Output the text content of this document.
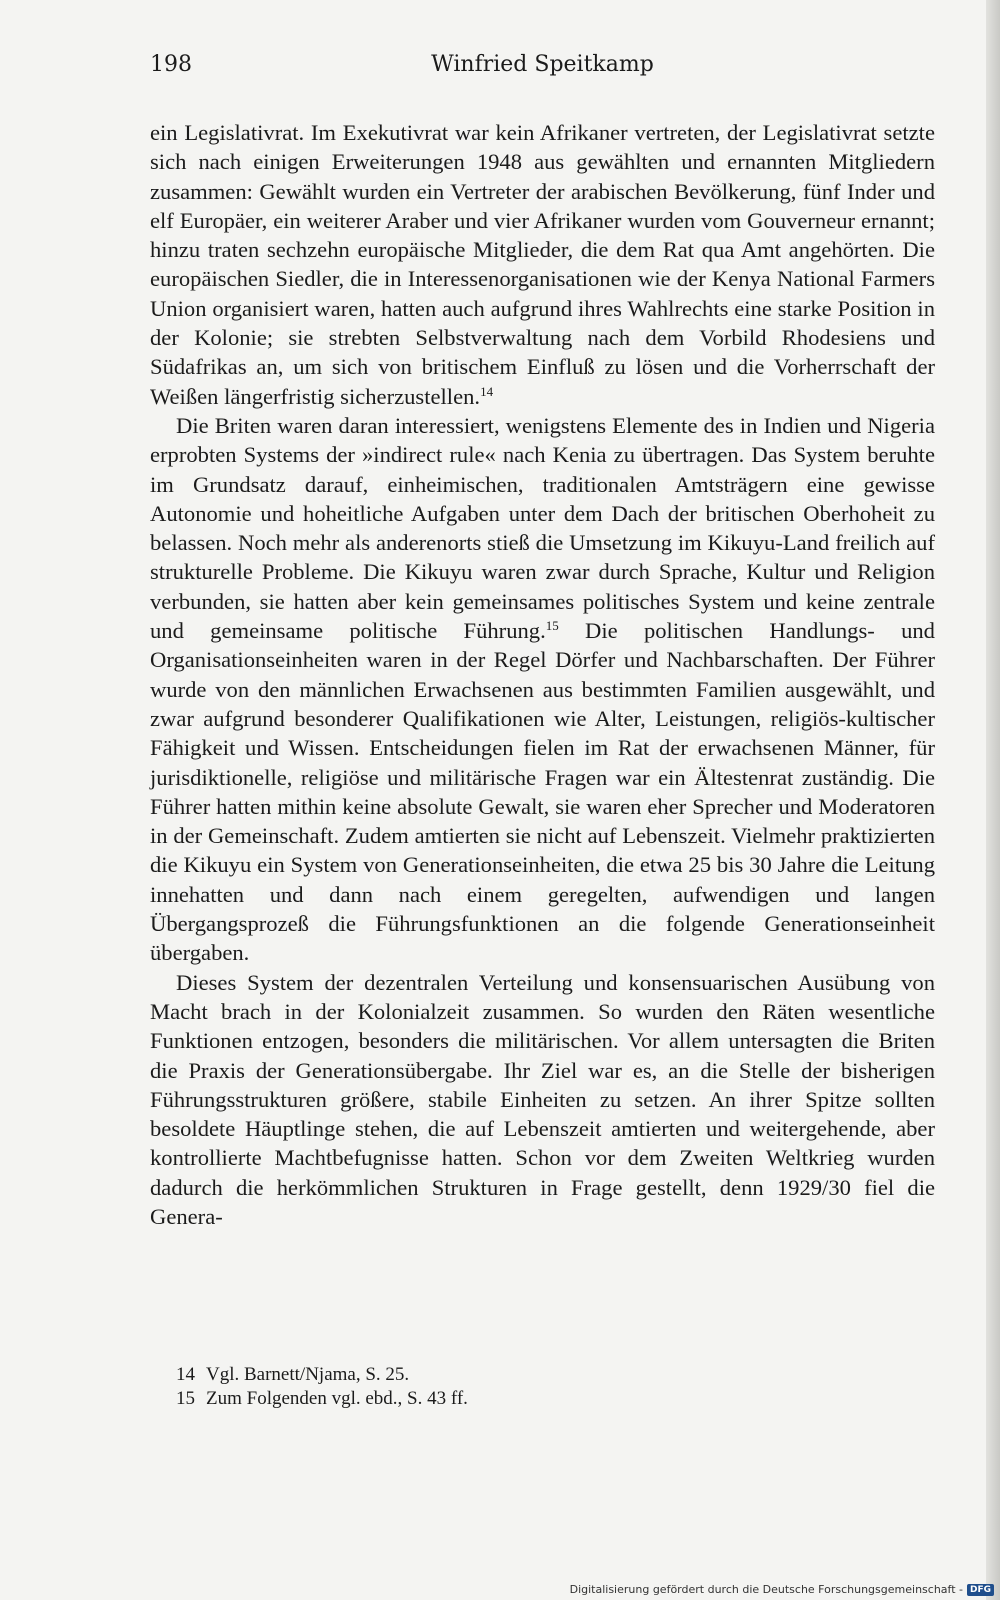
198	Winfried Speitkamp

ein Legislativrat. Im Exekutivrat war kein Afrikaner vertreten, der Legislativrat setzte sich nach einigen Erweiterungen 1948 aus gewählten und ernannten Mitgliedern zusammen: Gewählt wurden ein Vertreter der arabischen Bevölkerung, fünf Inder und elf Europäer, ein weiterer Araber und vier Afrikaner wurden vom Gouverneur ernannt; hinzu traten sechzehn europäische Mitglieder, die dem Rat qua Amt angehörten. Die europäischen Siedler, die in Interessenorganisationen wie der Kenya National Farmers Union organisiert waren, hatten auch aufgrund ihres Wahlrechts eine starke Position in der Kolonie; sie strebten Selbstverwaltung nach dem Vorbild Rhodesiens und Südafrikas an, um sich von britischem Einfluß zu lösen und die Vorherrschaft der Weißen längerfristig sicherzustellen.$^{14}$

Die Briten waren daran interessiert, wenigstens Elemente des in Indien und Nigeria erprobten Systems der »indirect rule« nach Kenia zu übertragen. Das System beruhte im Grundsatz darauf, einheimischen, traditionalen Amtsträgern eine gewisse Autonomie und hoheitliche Aufgaben unter dem Dach der britischen Oberhoheit zu belassen. Noch mehr als anderenorts stieß die Umsetzung im Kikuyu-Land freilich auf strukturelle Probleme. Die Kikuyu waren zwar durch Sprache, Kultur und Religion verbunden, sie hatten aber kein gemeinsames politisches System und keine zentrale und gemeinsame politische Führung.$^{15}$ Die politischen Handlungs- und Organisationseinheiten waren in der Regel Dörfer und Nachbarschaften. Der Führer wurde von den männlichen Erwachsenen aus bestimmten Familien ausgewählt, und zwar aufgrund besonderer Qualifikationen wie Alter, Leistungen, religiös-kultischer Fähigkeit und Wissen. Entscheidungen fielen im Rat der erwachsenen Männer, für jurisdiktionelle, religiöse und militärische Fragen war ein Ältestenrat zuständig. Die Führer hatten mithin keine absolute Gewalt, sie waren eher Sprecher und Moderatoren in der Gemeinschaft. Zudem amtierten sie nicht auf Lebenszeit. Vielmehr praktizierten die Kikuyu ein System von Generationseinheiten, die etwa 25 bis 30 Jahre die Leitung innehatten und dann nach einem geregelten, aufwendigen und langen Übergangsprozeß die Führungsfunktionen an die folgende Generationseinheit übergaben.

Dieses System der dezentralen Verteilung und konsensuarischen Ausübung von Macht brach in der Kolonialzeit zusammen. So wurden den Räten wesentliche Funktionen entzogen, besonders die militärischen. Vor allem untersagten die Briten die Praxis der Generationsübergabe. Ihr Ziel war es, an die Stelle der bisherigen Führungsstrukturen größere, stabile Einheiten zu setzen. An ihrer Spitze sollten besoldete Häuptlinge stehen, die auf Lebenszeit amtierten und weitergehende, aber kontrollierte Machtbefugnisse hatten. Schon vor dem Zweiten Weltkrieg wurden dadurch die herkömmlichen Strukturen in Frage gestellt, denn 1929/30 fiel die Genera-

14 Vgl. Barnett/Njama, S. 25.
15 Zum Folgenden vgl. ebd., S. 43 ff.
Digitalisierung gefördert durch die Deutsche Forschungsgemeinschaft - DFG
